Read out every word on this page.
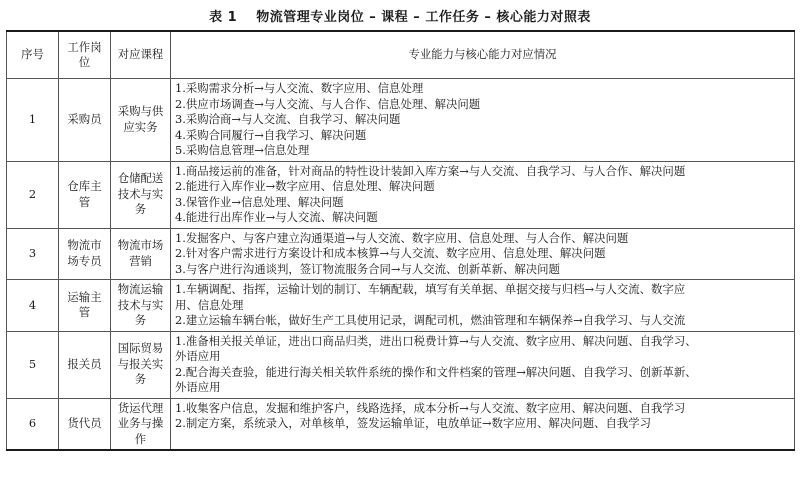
表 1 物流管理专业岗位 – 课程 – 工作任务 – 核心能力对照表
序号	工作岗位	对应课程	专业能力与核心能力对应情况
1	采购员	采购与供应实务	1.采购需求分析→与人交流、数字应用、信息处理
2.供应市场调查→与人交流、与人合作、信息处理、解决问题
3.采购洽商→与人交流、自我学习、解决问题
4.采购合同履行→自我学习、解决问题
5.采购信息管理→信息处理

2	仓库主管	仓储配送技术与实务	1.商品接运前的准备，针对商品的特性设计装卸入库方案→与人交流、自我学习、与人合作、解决问题
2.能进行入库作业→数字应用、信息处理、解决问题
3.保管作业→信息处理、解决问题
4.能进行出库作业→与人交流、解决问题

3	物流市场专员	物流市场营销	1.发掘客户、与客户建立沟通渠道→与人交流、数字应用、信息处理、与人合作、解决问题
2.针对客户需求进行方案设计和成本核算→与人交流、数字应用、信息处理、解决问题
3.与客户进行沟通谈判，签订物流服务合同→与人交流、创新革新、解决问题

4	运输主管	物流运输技术与实务	1.车辆调配、指挥，运输计划的制订、车辆配载，填写有关单据、单据交接与归档→与人交流、数字应
用、信息处理
2.建立运输车辆台帐，做好生产工具使用记录，调配司机，燃油管理和车辆保养→自我学习、与人交流

5	报关员	国际贸易与报关实务	1.准备相关报关单证，进出口商品归类，进出口税费计算→与人交流、数字应用、解决问题、自我学习、
外语应用
2.配合海关查验，能进行海关相关软件系统的操作和文件档案的管理→解决问题、自我学习、创新革新、
外语应用

6	货代员	货运代理业务与操作	1.收集客户信息，发掘和维护客户，线路选择，成本分析→与人交流、数字应用、解决问题、自我学习
2.制定方案，系统录入，对单核单，签发运输单证，电放单证→数字应用、解决问题、自我学习
